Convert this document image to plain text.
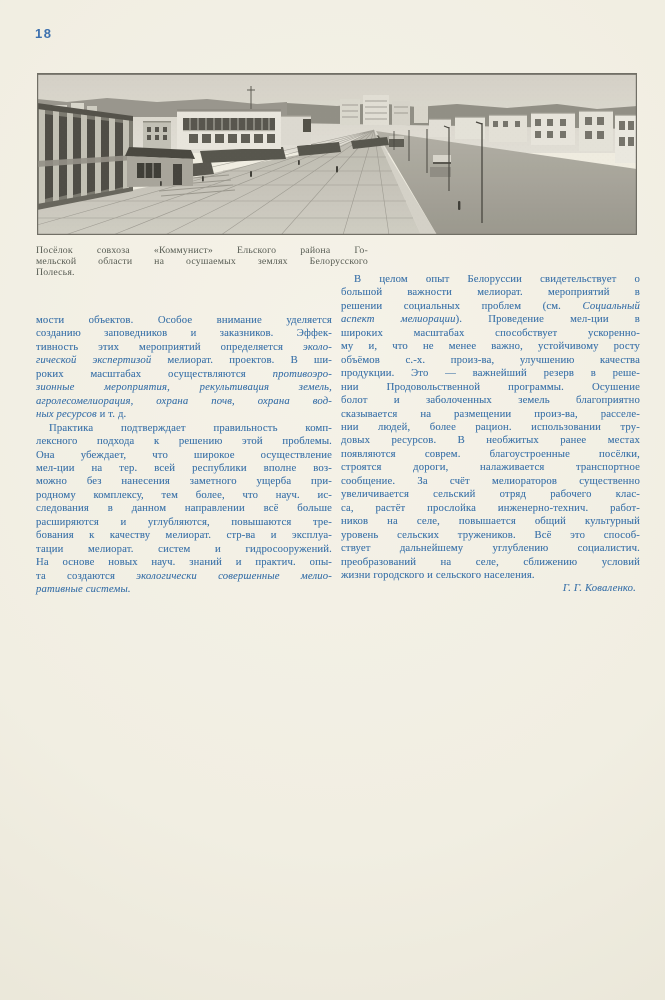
18
Посёлок совхоза «Коммунист» Ельского района Го-
мельской области на осушаемых землях Белорусского
Полесья.
мости объектов. Особое внимание уделяется
созданию заповедников и заказников. Эффек-
тивность этих мероприятий определяется эколо-
гической экспертизой мелиорат. проектов. В ши-
роких масштабах осуществляются противоэро-
зионные мероприятия, рекультивация земель,
агролесомелиорация, охрана почв, охрана вод-
ных ресурсов и т. д.
Практика подтверждает правильность комп-
лексного подхода к решению этой проблемы.
Она убеждает, что широкое осуществление
мел-ции на тер. всей республики вполне воз-
можно без нанесения заметного ущерба при-
родному комплексу, тем более, что науч. ис-
следования в данном направлении всё больше
расширяются и углубляются, повышаются тре-
бования к качеству мелиорат. стр-ва и эксплуа-
тации мелиорат. систем и гидросооружений.
На основе новых науч. знаний и практич. опы-
та создаются экологически совершенные мелио-
ративные системы.
В целом опыт Белоруссии свидетельствует о
большой важности мелиорат. мероприятий в
решении социальных проблем (см. Социальный
аспект мелиорации). Проведение мел-ции в
широких масштабах способствует ускоренно-
му и, что не менее важно, устойчивому росту
объёмов с.-х. произ-ва, улучшению качества
продукции. Это — важнейший резерв в реше-
нии Продовольственной программы. Осушение
болот и заболоченных земель благоприятно
сказывается на размещении произ-ва, расселе-
нии людей, более рацион. использовании тру-
довых ресурсов. В необжитых ранее местах
появляются соврем. благоустроенные посёлки,
строятся дороги, налаживается транспортное
сообщение. За счёт мелиораторов существенно
увеличивается сельский отряд рабочего клас-
са, растёт прослойка инженерно-технич. работ-
ников на селе, повышается общий культурный
уровень сельских тружеников. Всё это способ-
ствует дальнейшему углублению социалистич.
преобразований на селе, сближению условий
жизни городского и сельского населения.
Г. Г. Коваленко.
